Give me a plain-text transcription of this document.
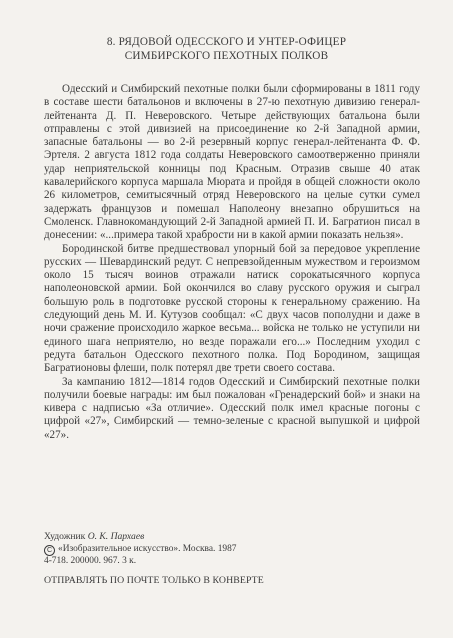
8. РЯДОВОЙ ОДЕССКОГО И УНТЕР-ОФИЦЕР
СИМБИРСКОГО ПЕХОТНЫХ ПОЛКОВ

Одесский и Симбирский пехотные полки были сформированы в 1811 году в составе шести батальонов и включены в 27-ю пехотную дивизию генерал-лейтенанта Д. П. Неверовского. Четыре действующих батальона были отправлены с этой дивизией на присоединение ко 2-й Западной армии, запасные батальоны — во 2-й резервный корпус генерал-лейтенанта Ф. Ф. Эртеля. 2 августа 1812 года солдаты Неверовского самоотверженно приняли удар неприятельской конницы под Красным. Отразив свыше 40 атак кавалерийского корпуса маршала Мюрата и пройдя в общей сложности около 26 километров, семитысячный отряд Неверовского на целые сутки сумел задержать французов и помешал Наполеону внезапно обрушиться на Смоленск. Главнокомандующий 2-й Западной армией П. И. Багратион писал в донесении: «...примера такой храбрости ни в какой армии показать нельзя».

Бородинской битве предшествовал упорный бой за передовое укрепление русских — Шевардинский редут. С непревзойденным мужеством и героизмом около 15 тысяч воинов отражали натиск сорокатысячного корпуса наполеоновской армии. Бой окончился во славу русского оружия и сыграл большую роль в подготовке русской стороны к генеральному сражению. На следующий день М. И. Кутузов сообщал: «С двух часов пополудни и даже в ночи сражение происходило жаркое весьма... войска не только не уступили ни единого шага неприятелю, но везде поражали его...» Последним уходил с редута батальон Одесского пехотного полка. Под Бородином, защищая Багратионовы флеши, полк потерял две трети своего состава.

За кампанию 1812—1814 годов Одесский и Симбирский пехотные полки получили боевые награды: им был пожалован «Гренадерский бой» и знаки на кивера с надписью «За отличие». Одесский полк имел красные погоны с цифрой «27», Симбирский — темно-зеленые с красной выпушкой и цифрой «27».

Художник О. К. Пархаев
C «Изобразительное искусство». Москва. 1987
4-718. 200000. 967. 3 к.
ОТПРАВЛЯТЬ ПО ПОЧТЕ ТОЛЬКО В КОНВЕРТЕ
